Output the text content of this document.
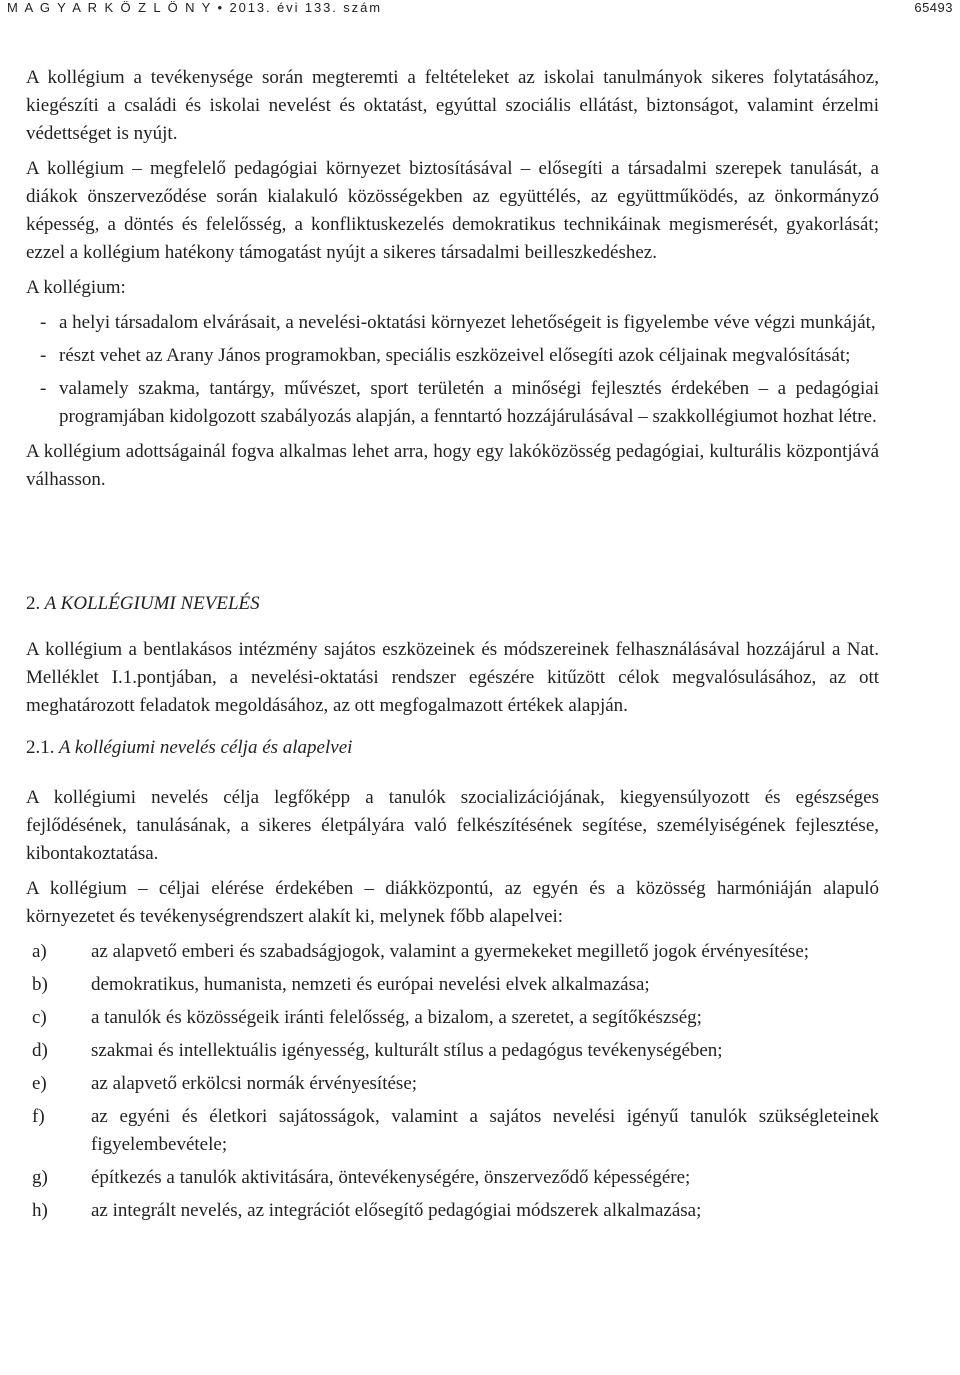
M A G Y A R K Ö Z L Ö N Y • 2013. évi 133. szám	65493

A kollégium a tevékenysége során megteremti a feltételeket az iskolai tanulmányok sikeres folytatásához, kiegészíti a családi és iskolai nevelést és oktatást, egyúttal szociális ellátást, biztonságot, valamint érzelmi védettséget is nyújt.

A kollégium – megfelelő pedagógiai környezet biztosításával – elősegíti a társadalmi szerepek tanulását, a diákok önszerveződése során kialakuló közösségekben az együttélés, az együttműködés, az önkormányzó képesség, a döntés és felelősség, a konfliktuskezelés demokratikus technikáinak megismerését, gyakorlását; ezzel a kollégium hatékony támogatást nyújt a sikeres társadalmi beilleszkedéshez.

A kollégium:

- a helyi társadalom elvárásait, a nevelési-oktatási környezet lehetőségeit is figyelembe véve végzi munkáját,
- részt vehet az Arany János programokban, speciális eszközeivel elősegíti azok céljainak megvalósítását;
- valamely szakma, tantárgy, művészet, sport területén a minőségi fejlesztés érdekében – a pedagógiai programjában kidolgozott szabályozás alapján, a fenntartó hozzájárulásával – szakkollégiumot hozhat létre.

A kollégium adottságainál fogva alkalmas lehet arra, hogy egy lakóközösség pedagógiai, kulturális központjává válhasson.

2. A KOLLÉGIUMI NEVELÉS

A kollégium a bentlakásos intézmény sajátos eszközeinek és módszereinek felhasználásával hozzájárul a Nat. Melléklet I.1.pontjában, a nevelési-oktatási rendszer egészére kitűzött célok megvalósulásához, az ott meghatározott feladatok megoldásához, az ott megfogalmazott értékek alapján.

2.1. A kollégiumi nevelés célja és alapelvei

A kollégiumi nevelés célja legfőképp a tanulók szocializációjának, kiegyensúlyozott és egészséges fejlődésének, tanulásának, a sikeres életpályára való felkészítésének segítése, személyiségének fejlesztése, kibontakoztatása.

A kollégium – céljai elérése érdekében – diákközpontú, az egyén és a közösség harmóniáján alapuló környezetet és tevékenységrendszert alakít ki, melynek főbb alapelvei:

a)	az alapvető emberi és szabadságjogok, valamint a gyermekeket megillető jogok érvényesítése;
b)	demokratikus, humanista, nemzeti és európai nevelési elvek alkalmazása;
c)	a tanulók és közösségeik iránti felelősség, a bizalom, a szeretet, a segítőkészség;
d)	szakmai és intellektuális igényesség, kulturált stílus a pedagógus tevékenységében;
e)	az alapvető erkölcsi normák érvényesítése;
f)	az egyéni és életkori sajátosságok, valamint a sajátos nevelési igényű tanulók szükségleteinek figyelembevétele;
g)	építkezés a tanulók aktivitására, öntevékenységére, önszerveződő képességére;
h)	az integrált nevelés, az integrációt elősegítő pedagógiai módszerek alkalmazása;
